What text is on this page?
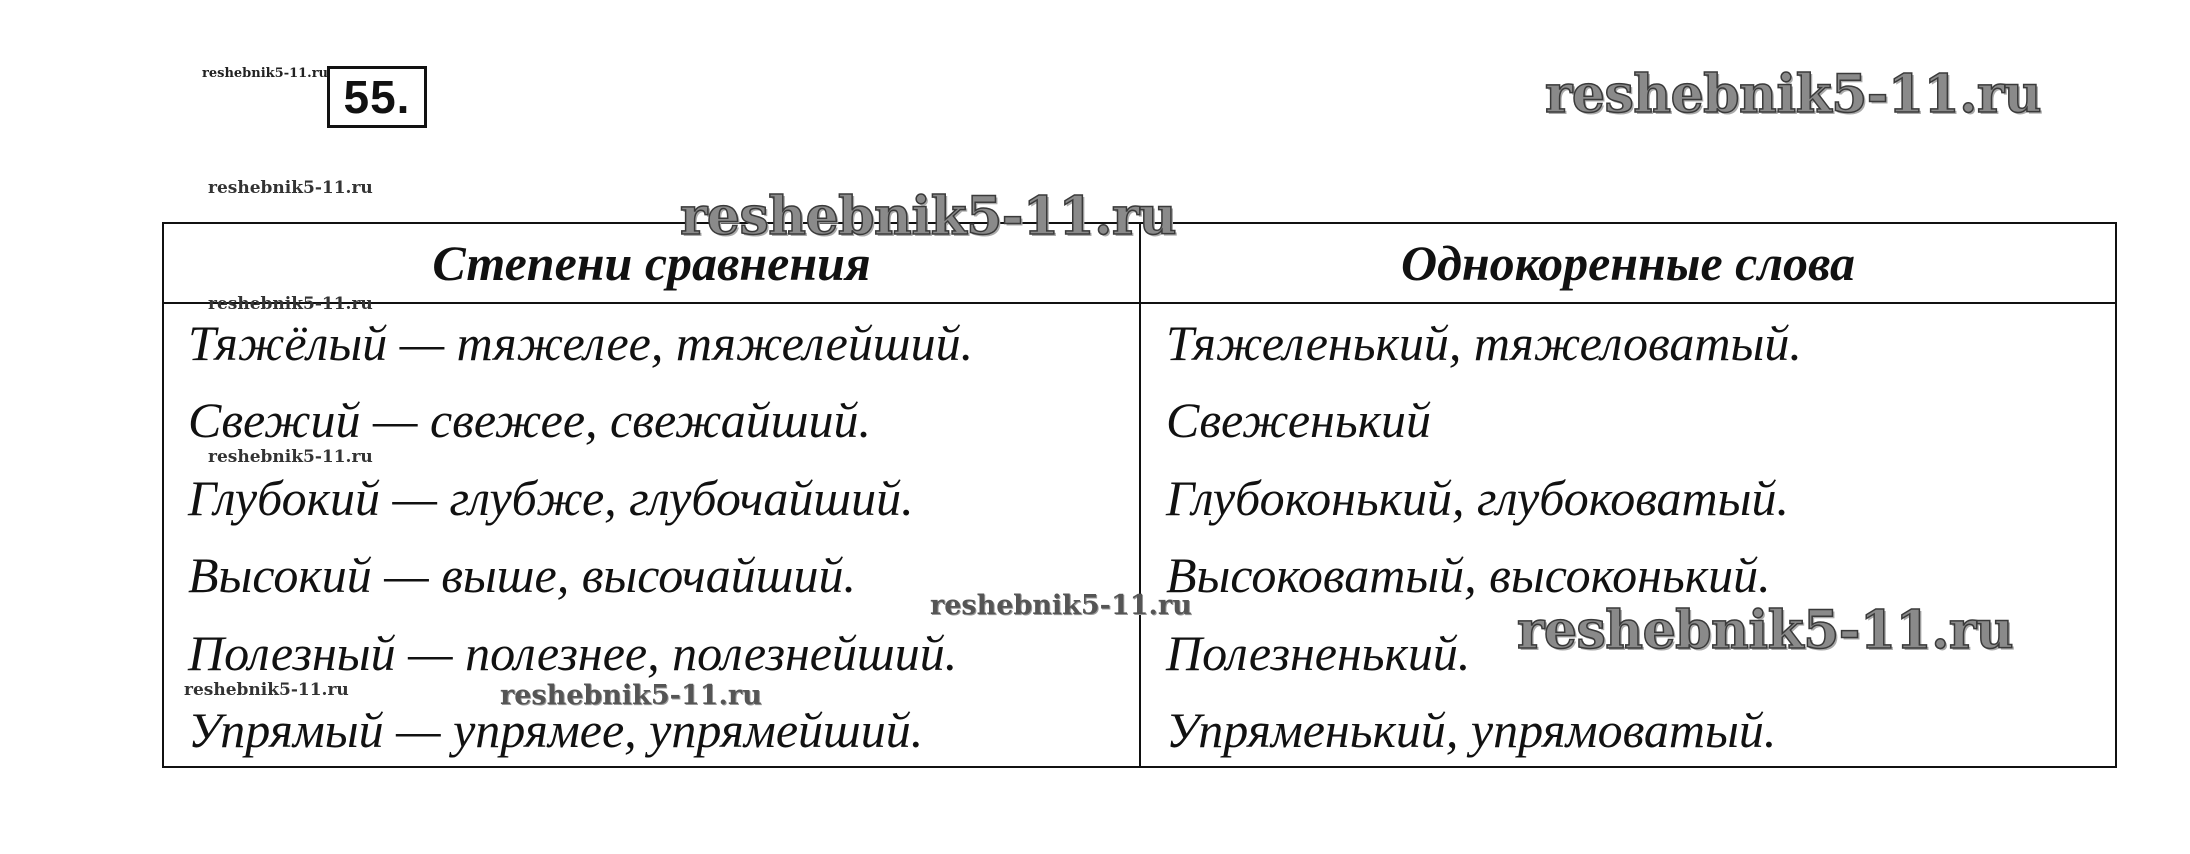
55.
reshebnik5-11.ru	reshebnik5-11.ru
reshebnik5-11.ru	reshebnik5-11.ru
reshebnik5-11.ru
reshebnik5-11.ru
reshebnik5-11.ru	reshebnik5-11.ru
reshebnik5-11.ru	reshebnik5-11.ru
Степени сравнения	Однокоренные слова
Тяжёлый — тяжелее, тяжелейший.	Тяжеленький, тяжеловатый.
Свежий — свежее, свежайший.	Свеженький
Глубокий — глубже, глубочайший.	Глубоконький, глубоковатый.
Высокий — выше, высочайший.	Высоковатый, высоконький.
Полезный — полезнее, полезнейший.	Полезненький.
Упрямый — упрямее, упрямейший.	Упряменький, упрямоватый.
